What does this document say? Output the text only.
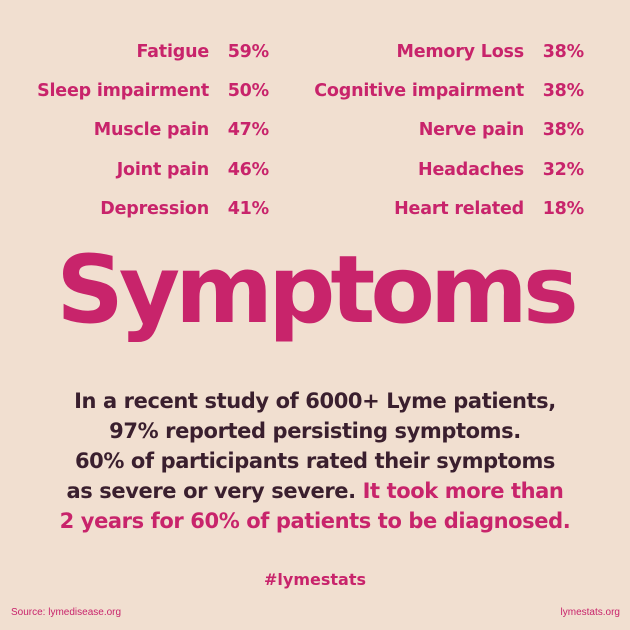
Fatigue	59%
Sleep impairment	50%
Muscle pain	47%
Joint pain	46%
Depression	41%
Memory Loss	38%
Cognitive impairment	38%
Nerve pain	38%
Headaches	32%
Heart related	18%
Symptoms
In a recent study of 6000+ Lyme patients,
97% reported persisting symptoms.
60% of participants rated their symptoms
as severe or very severe. It took more than
2 years for 60% of patients to be diagnosed.
#lymestats
Source: lymedisease.org	lymestats.org
